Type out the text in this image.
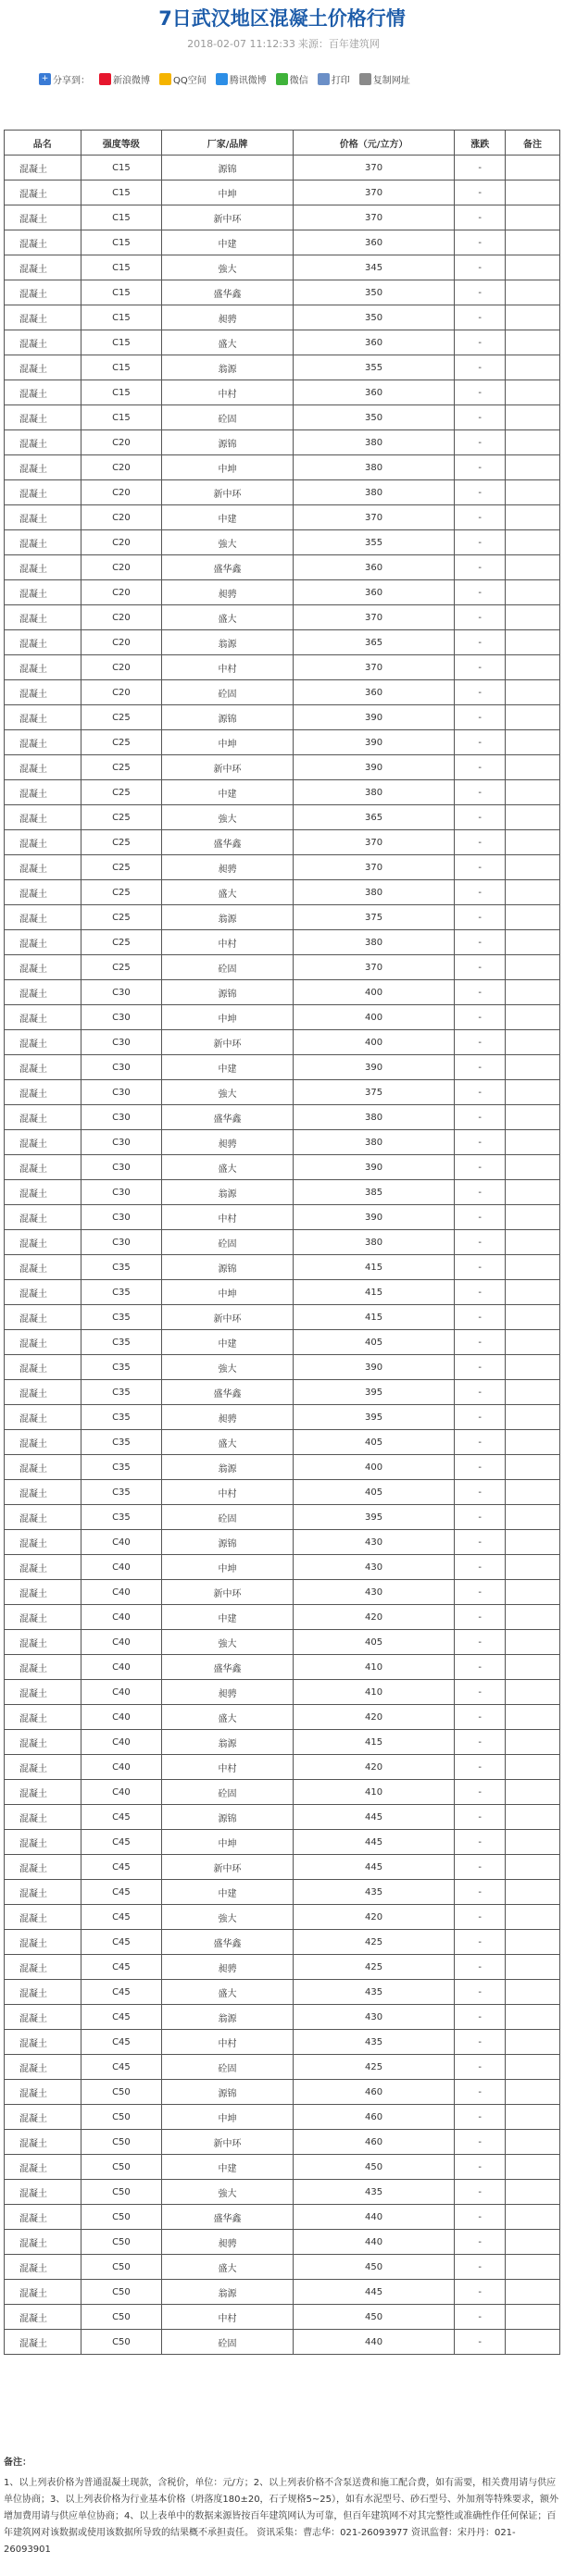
7日武汉地区混凝土价格行情
2018-02-07 11:12:33 来源：百年建筑网
+ 分享到：	新浪微博	QQ空间	腾讯微博	微信	打印	复制网址
品名	强度等级	厂家/品牌	价格（元/立方）	涨跌	备注
混凝土	C15	源锦	370	-	
混凝土	C15	中坤	370	-	
混凝土	C15	新中环	370	-	
混凝土	C15	中建	360	-	
混凝土	C15	強大	345	-	
混凝土	C15	盛华鑫	350	-	
混凝土	C15	昶骋	350	-	
混凝土	C15	盛大	360	-	
混凝土	C15	翁源	355	-	
混凝土	C15	中村	360	-	
混凝土	C15	砼固	350	-	
混凝土	C20	源锦	380	-	
混凝土	C20	中坤	380	-	
混凝土	C20	新中环	380	-	
混凝土	C20	中建	370	-	
混凝土	C20	強大	355	-	
混凝土	C20	盛华鑫	360	-	
混凝土	C20	昶骋	360	-	
混凝土	C20	盛大	370	-	
混凝土	C20	翁源	365	-	
混凝土	C20	中村	370	-	
混凝土	C20	砼固	360	-	
混凝土	C25	源锦	390	-	
混凝土	C25	中坤	390	-	
混凝土	C25	新中环	390	-	
混凝土	C25	中建	380	-	
混凝土	C25	強大	365	-	
混凝土	C25	盛华鑫	370	-	
混凝土	C25	昶骋	370	-	
混凝土	C25	盛大	380	-	
混凝土	C25	翁源	375	-	
混凝土	C25	中村	380	-	
混凝土	C25	砼固	370	-	
混凝土	C30	源锦	400	-	
混凝土	C30	中坤	400	-	
混凝土	C30	新中环	400	-	
混凝土	C30	中建	390	-	
混凝土	C30	強大	375	-	
混凝土	C30	盛华鑫	380	-	
混凝土	C30	昶骋	380	-	
混凝土	C30	盛大	390	-	
混凝土	C30	翁源	385	-	
混凝土	C30	中村	390	-	
混凝土	C30	砼固	380	-	
混凝土	C35	源锦	415	-	
混凝土	C35	中坤	415	-	
混凝土	C35	新中环	415	-	
混凝土	C35	中建	405	-	
混凝土	C35	強大	390	-	
混凝土	C35	盛华鑫	395	-	
混凝土	C35	昶骋	395	-	
混凝土	C35	盛大	405	-	
混凝土	C35	翁源	400	-	
混凝土	C35	中村	405	-	
混凝土	C35	砼固	395	-	
混凝土	C40	源锦	430	-	
混凝土	C40	中坤	430	-	
混凝土	C40	新中环	430	-	
混凝土	C40	中建	420	-	
混凝土	C40	強大	405	-	
混凝土	C40	盛华鑫	410	-	
混凝土	C40	昶骋	410	-	
混凝土	C40	盛大	420	-	
混凝土	C40	翁源	415	-	
混凝土	C40	中村	420	-	
混凝土	C40	砼固	410	-	
混凝土	C45	源锦	445	-	
混凝土	C45	中坤	445	-	
混凝土	C45	新中环	445	-	
混凝土	C45	中建	435	-	
混凝土	C45	強大	420	-	
混凝土	C45	盛华鑫	425	-	
混凝土	C45	昶骋	425	-	
混凝土	C45	盛大	435	-	
混凝土	C45	翁源	430	-	
混凝土	C45	中村	435	-	
混凝土	C45	砼固	425	-	
混凝土	C50	源锦	460	-	
混凝土	C50	中坤	460	-	
混凝土	C50	新中环	460	-	
混凝土	C50	中建	450	-	
混凝土	C50	強大	435	-	
混凝土	C50	盛华鑫	440	-	
混凝土	C50	昶骋	440	-	
混凝土	C50	盛大	450	-	
混凝土	C50	翁源	445	-	
混凝土	C50	中村	450	-	
混凝土	C50	砼固	440	-	
备注：
1、以上列表价格为普通混凝土现款，含税价，单位：元/方；2、以上列表价格不含泵送费和施工配合费，如有需要，相关费用请与供应单位协商；3、以上列表价格为行业基本价格（坍落度180±20，石子规格5~25），如有水泥型号、砂石型号、外加剂等特殊要求，额外增加费用请与供应单位协商；4、以上表单中的数据来源皆按百年建筑网认为可靠，但百年建筑网不对其完整性或准确性作任何保证；百年建筑网对该数据或使用该数据所导致的结果概不承担责任。 资讯采集：曹志华：021-26093977 资讯监督：宋丹丹：021-26093901
